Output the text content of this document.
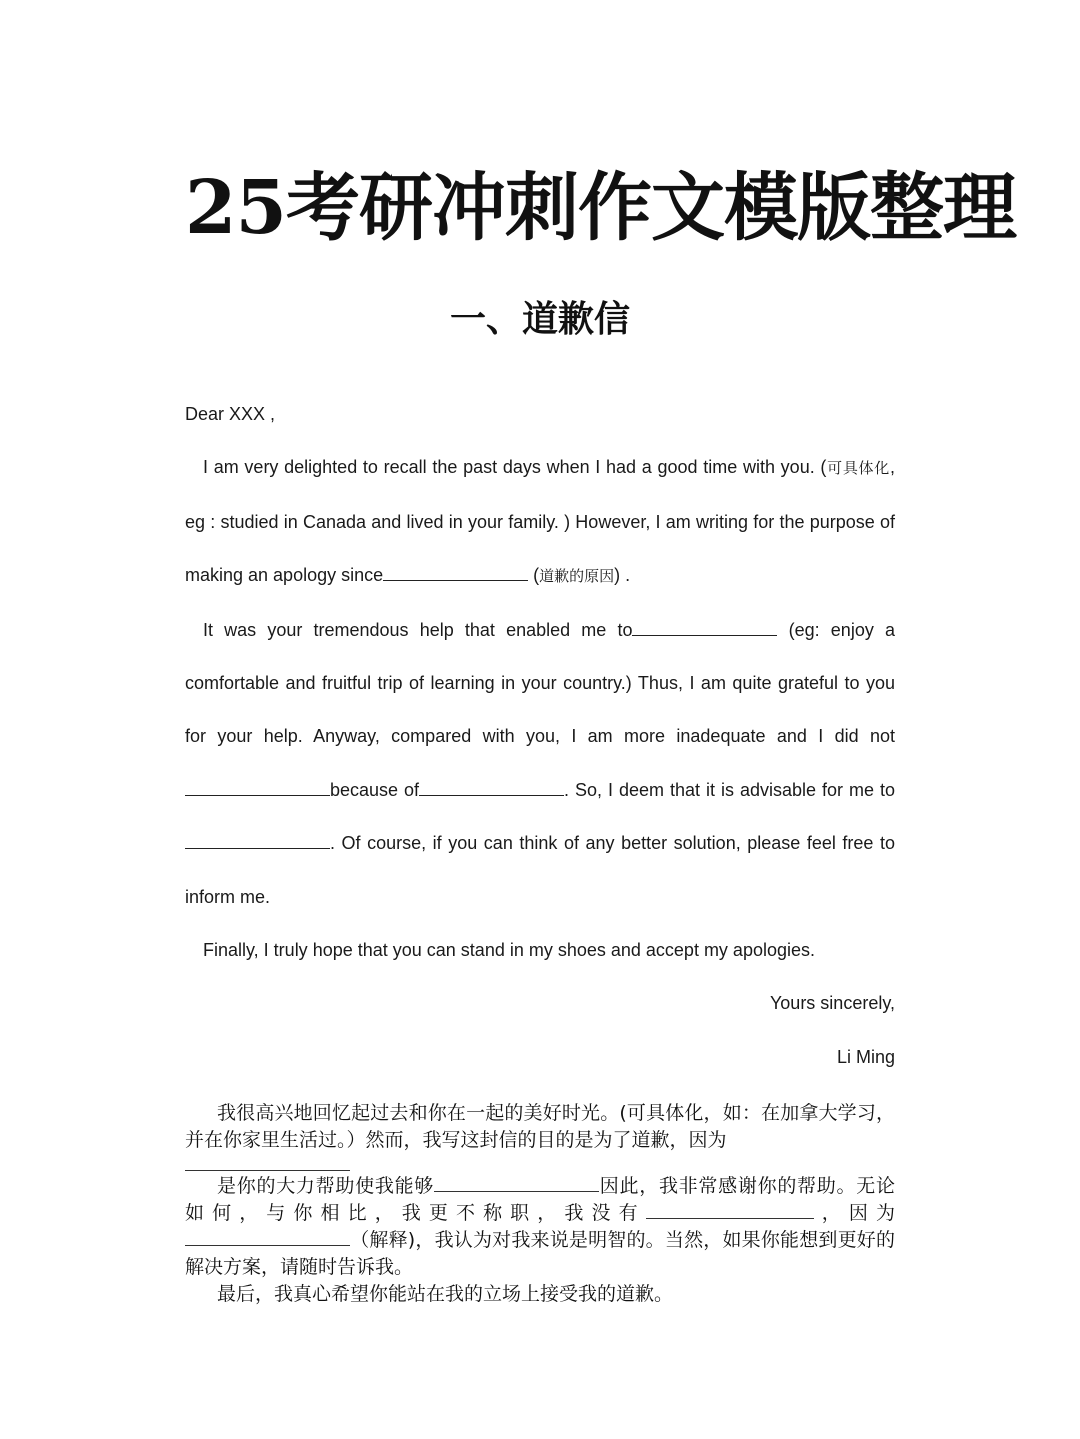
25考研冲刺作文模版整理
一、道歉信

Dear XXX ,

I am very delighted to recall the past days when I had a good time with you. (可具体化, eg : studied in Canada and lived in your family. ) However, I am writing for the purpose of making an apology since	(道歉的原因) .

It was your tremendous help that enabled me to	(eg: enjoy a comfortable and fruitful trip of learning in your country.) Thus, I am quite grateful to you for your help. Anyway, compared with you, I am more inadequate and I did notbecause of	. So, I deem that it is advisable for me to. Of course, if you can think of any better solution, please feel free to inform me.

Finally, I truly hope that you can stand in my shoes and accept my apologies.

Yours sincerely,

Li Ming

我很高兴地回忆起过去和你在一起的美好时光。(可具体化，如：在加拿大学习，并在你家里生活过。）然而，我写这封信的目的是为了道歉，因为

是你的大力帮助使我能够	因此，我非常感谢你的帮助。无论如何，与你相比，我更不称职，我没有	，因为（解释)，我认为对我来说是明智的。当然，如果你能想到更好的解决方案，请随时告诉我。

最后，我真心希望你能站在我的立场上接受我的道歉。
